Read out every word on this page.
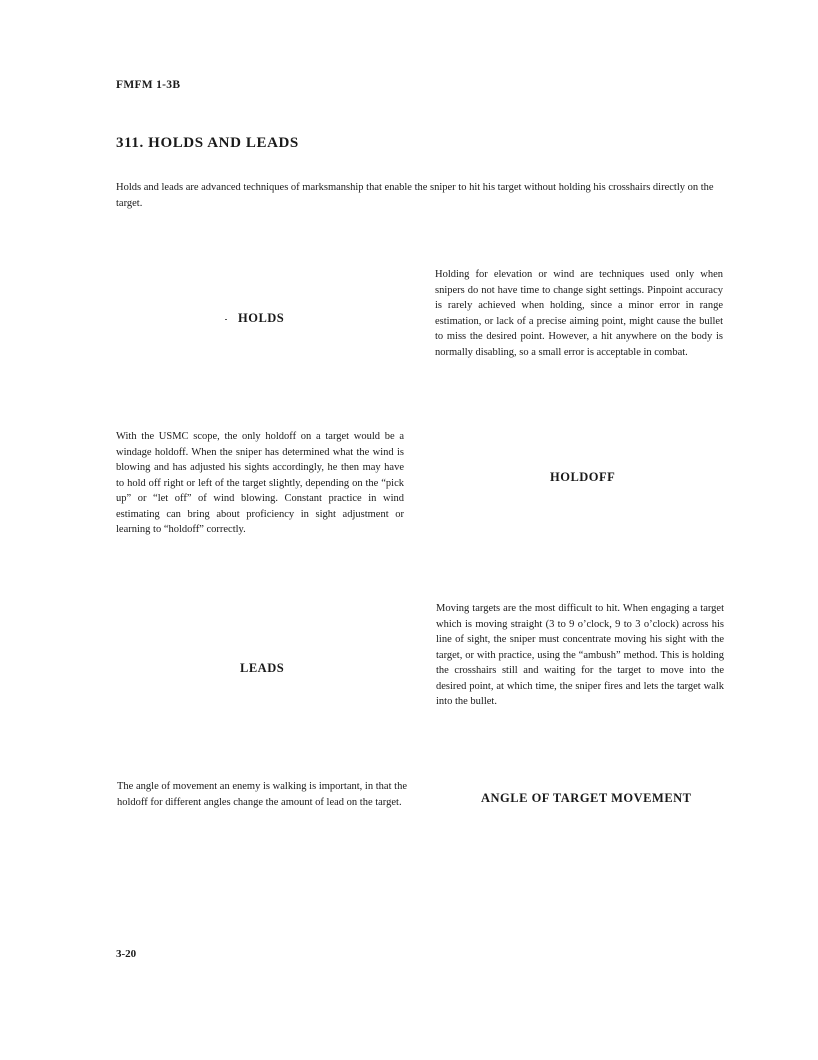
FMFM 1-3B
311. HOLDS AND LEADS
Holds and leads are advanced techniques of marksmanship that enable the sniper to hit his target without holding his crosshairs directly on the target.
HOLDS
Holding for elevation or wind are techniques used only when snipers do not have time to change sight settings. Pinpoint accuracy is rarely achieved when holding, since a minor error in range estimation, or lack of a precise aiming point, might cause the bullet to miss the desired point. However, a hit anywhere on the body is normally disabling, so a small error is acceptable in combat.
With the USMC scope, the only holdoff on a target would be a windage holdoff. When the sniper has determined what the wind is blowing and has adjusted his sights accordingly, he then may have to hold off right or left of the target slightly, depending on the “pick up” or “let off” of wind blowing. Constant practice in wind estimating can bring about proficiency in sight adjustment or learning to “holdoff” correctly.
HOLDOFF
LEADS
Moving targets are the most difficult to hit. When engaging a target which is moving straight (3 to 9 o’clock, 9 to 3 o’clock) across his line of sight, the sniper must concentrate moving his sight with the target, or with practice, using the “ambush” method. This is holding the crosshairs still and waiting for the target to move into the desired point, at which time, the sniper fires and lets the target walk into the bullet.
The angle of movement an enemy is walking is important, in that the holdoff for different angles change the amount of lead on the target.	ANGLE OF TARGET MOVEMENT
3-20
